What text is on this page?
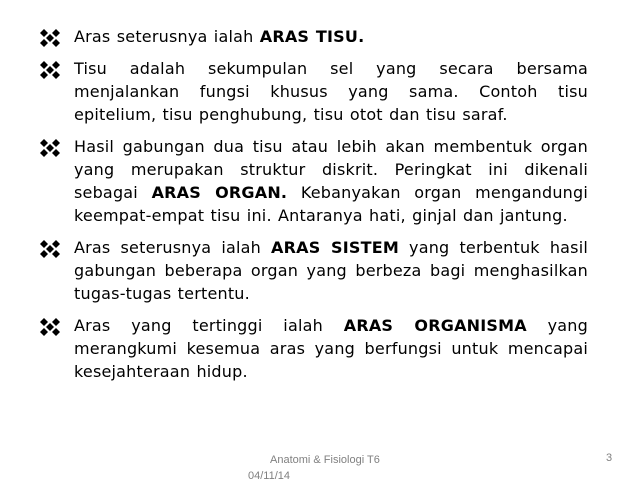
Aras seterusnya ialah ARAS TISU.
Tisu adalah sekumpulan sel yang secara bersama menjalankan fungsi khusus yang sama. Contoh tisu epitelium, tisu penghubung, tisu otot dan tisu saraf.
Hasil gabungan dua tisu atau lebih akan membentuk organ yang merupakan struktur diskrit. Peringkat ini dikenali sebagai ARAS ORGAN. Kebanyakan organ mengandungi keempat-empat tisu ini. Antaranya hati, ginjal dan jantung.
Aras seterusnya ialah ARAS SISTEM yang terbentuk hasil gabungan beberapa organ yang berbeza bagi menghasilkan tugas-tugas tertentu.
Aras yang tertinggi ialah ARAS ORGANISMA yang merangkumi kesemua aras yang berfungsi untuk mencapai kesejahteraan hidup.
Anatomi & Fisiologi T6
04/11/14
3
